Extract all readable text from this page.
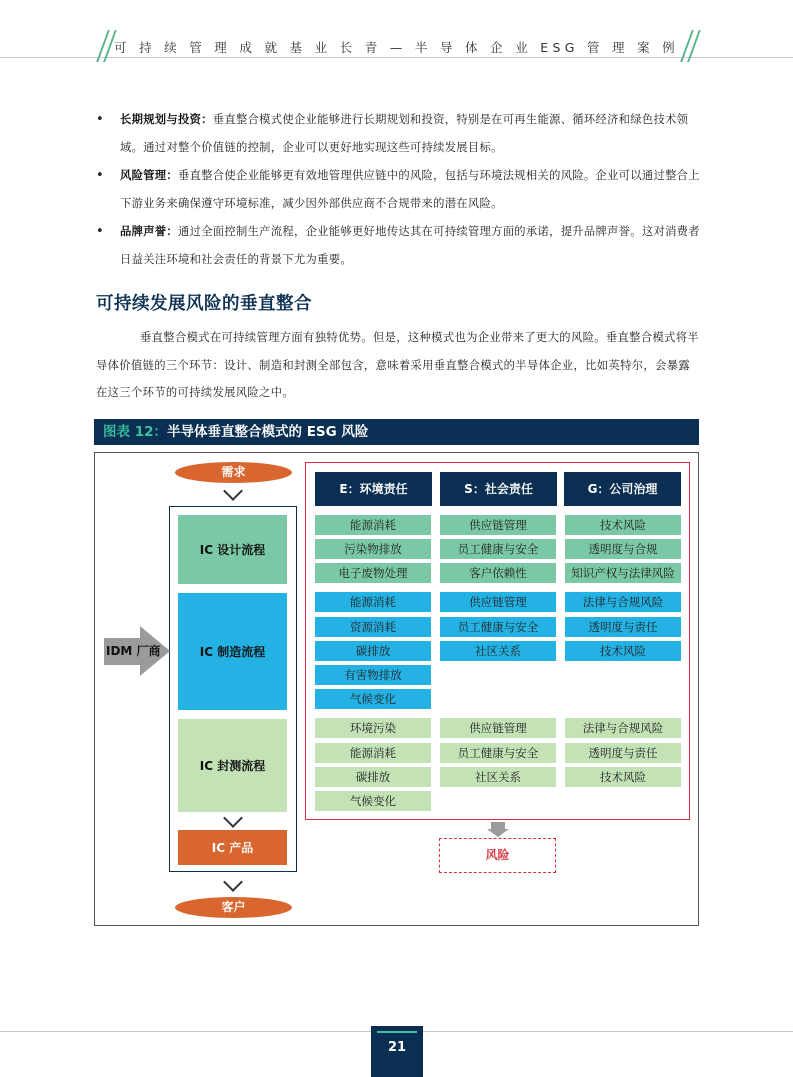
可 持 续 管 理 成 就 基 业 长 青 — 半 导 体 企 业 ESG 管 理 案 例
• 长期规划与投资：垂直整合模式使企业能够进行长期规划和投资，特别是在可再生能源、循环经济和绿色技术领域。通过对整个价值链的控制，企业可以更好地实现这些可持续发展目标。
• 风险管理：垂直整合使企业能够更有效地管理供应链中的风险，包括与环境法规相关的风险。企业可以通过整合上下游业务来确保遵守环境标准，减少因外部供应商不合规带来的潜在风险。
• 品牌声誉：通过全面控制生产流程，企业能够更好地传达其在可持续管理方面的承诺，提升品牌声誉。这对消费者日益关注环境和社会责任的背景下尤为重要。
可持续发展风险的垂直整合
垂直整合模式在可持续管理方面有独特优势。但是，这种模式也为企业带来了更大的风险。垂直整合模式将半导体价值链的三个环节：设计、制造和封测全部包含，意味着采用垂直整合模式的半导体企业，比如英特尔，会暴露在这三个环节的可持续发展风险之中。
图表 12：半导体垂直整合模式的 ESG 风险
需求
IC 设计流程
IC 制造流程
IC 封测流程
IC 产品
客户
IDM 厂商
E：环境责任	S：社会责任	G：公司治理
能源消耗
污染物排放
电子废物处理
供应链管理
员工健康与安全
客户依赖性
技术风险
透明度与合规
知识产权与法律风险
能源消耗
资源消耗
碳排放
有害物排放
气候变化
供应链管理
员工健康与安全
社区关系
法律与合规风险
透明度与责任
技术风险
环境污染
能源消耗
碳排放
气候变化
供应链管理
员工健康与安全
社区关系
法律与合规风险
透明度与责任
技术风险
风险
21
